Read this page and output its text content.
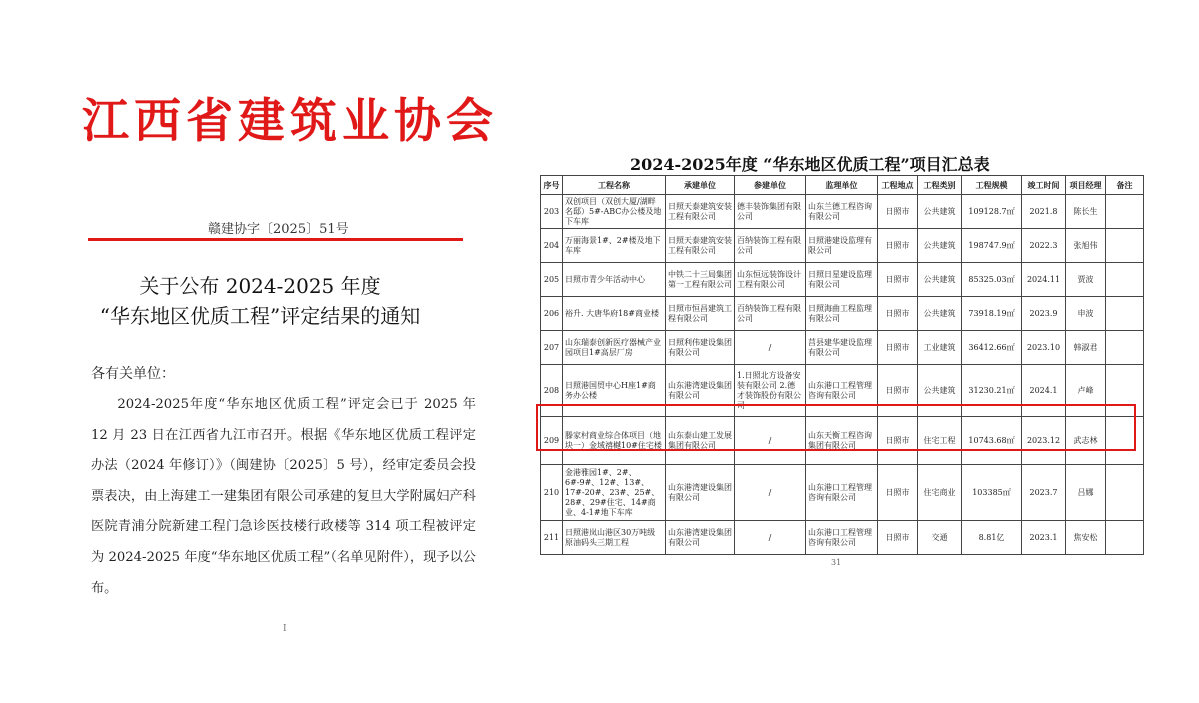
江西省建筑业协会
赣建协字〔2025〕51号
关于公布 2024-2025 年度
“华东地区优质工程”评定结果的通知
各有关单位：

2024-2025年度“华东地区优质工程”评定会已于 2025 年 12 月 23 日在江西省九江市召开。根据《华东地区优质工程评定办法（2024 年修订）》（闽建协〔2025〕5 号），经审定委员会投票表决，由上海建工一建集团有限公司承建的复旦大学附属妇产科医院青浦分院新建工程门急诊医技楼行政楼等 314 项工程被评定为 2024-2025 年度“华东地区优质工程”（名单见附件），现予以公布。

I
2024-2025年度 “华东地区优质工程”项目汇总表
序号	工程名称	承建单位	参建单位	监理单位	工程地点	工程类别	工程规模	竣工时间	项目经理	备注
203	双创项目（双创大厦/湖畔名邸）5#-ABC办公楼及地下车库	日照天泰建筑安装工程有限公司	德丰装饰集团有限公司	山东兰德工程咨询有限公司	日照市	公共建筑	109128.7㎡	2021.8	陈长生	
204	万丽海景1#、2#楼及地下车库	日照天泰建筑安装工程有限公司	百纳装饰工程有限公司	日照港建设监理有限公司	日照市	公共建筑	198747.9㎡	2022.3	张旭伟	
205	日照市青少年活动中心	中铁二十三局集团第一工程有限公司	山东恒远装饰设计工程有限公司	日照日星建设监理有限公司	日照市	公共建筑	85325.03㎡	2024.11	贾波	
206	裕升. 大唐华府18#商业楼	日照市恒昌建筑工程有限公司	百纳装饰工程有限公司	日照海曲工程监理有限公司	日照市	公共建筑	73918.19㎡	2023.9	申波	
207	山东瑞泰创新医疗器械产业园项目1#高层厂房	日照利伟建设集团有限公司	/	莒县建华建设监理有限公司	日照市	工业建筑	36412.66㎡	2023.10	韩淑君	
208	日照港国贸中心H座1#商务办公楼	山东港湾建设集团有限公司	1.日照北方设备安装有限公司 2.德才装饰股份有限公司	山东港口工程管理咨询有限公司	日照市	公共建筑	31230.21㎡	2024.1	卢峰	
209	滕家村商业综合体项目（地块一）金域禧樾10#住宅楼	山东泰山建工发展集团有限公司	/	山东天衡工程咨询集团有限公司	日照市	住宅工程	10743.68㎡	2023.12	武志林	
210	金港雅园1#、2#、6#-9#、12#、13#、17#-20#、23#、25#、28#、29#住宅、14#商业、4-1#地下车库	山东港湾建设集团有限公司	/	山东港口工程管理咨询有限公司	日照市	住宅商业	103385㎡	2023.7	吕娜	
211	日照港岚山港区30万吨级原油码头三期工程	山东港湾建设集团有限公司	/	山东港口工程管理咨询有限公司	日照市	交通	8.81亿	2023.1	焦安松	
31
